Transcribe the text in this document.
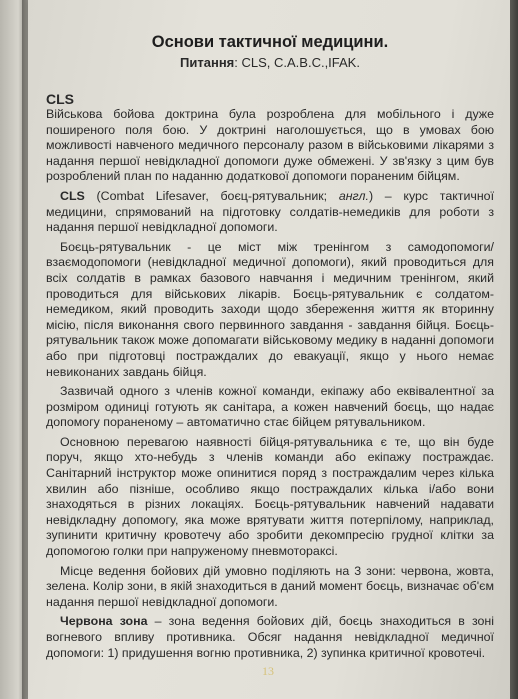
Основи тактичної медицини.
Питання: CLS, C.A.B.C.,IFAK.
CLS

Військова бойова доктрина була розроблена для мобільного і дуже поширеного поля бою. У доктрині наголошується, що в умовах бою можливості навченого медичного персоналу разом в військовими лікарями з надання першої невідкладної допомоги дуже обмежені. У зв'язку з цим був розроблений план по наданню додаткової допомоги пораненим бійцям.

CLS (Combat Lifesaver, боєц-рятувальник; англ.) – курс тактичної медицини, спрямований на підготовку солдатів-немедиків для роботи з надання першої невідкладної допомоги.

Боєць-рятувальник - це міст між тренінгом з самодопомоги/ взаємодопомоги (невідкладної медичної допомоги), який проводиться для всіх солдатів в рамках базового навчання і медичним тренінгом, який проводиться для військових лікарів. Боєць-рятувальник є солдатом-немедиком, який проводить заходи щодо збереження життя як вторинну місію, після виконання свого первинного завдання - завдання бійця. Боєць-рятувальник також може допомагати військовому медику в наданні допомоги або при підготовці постраждалих до евакуації, якщо у нього немає невиконаних завдань бійця.

Зазвичай одного з членів кожної команди, екіпажу або еквівалентної за розміром одиниці готують як санітара, а кожен навчений боєць, що надає допомогу пораненому – автоматично стає бійцем рятувальником.

Основною перевагою наявності бійця-рятувальника є те, що він буде поруч, якщо хто-небудь з членів команди або екіпажу постраждає. Санітарний інструктор може опинитися поряд з постраждалим через кілька хвилин або пізніше, особливо якщо постраждалих кілька і/або вони знаходяться в різних локаціях. Боєць-рятувальник навчений надавати невідкладну допомогу, яка може врятувати життя потерпілому, наприклад, зупинити критичну кровотечу або зробити декомпресію грудної клітки за допомогою голки при напруженому пневмотораксі.

Місце ведення бойових дій умовно поділяють на 3 зони: червона, жовта, зелена. Колір зони, в якій знаходиться в даний момент боєць, визначає об'єм надання першої невідкладної допомоги.

Червона зона – зона ведення бойових дій, боєць знаходиться в зоні вогневого впливу противника. Обсяг надання невідкладної медичної допомоги: 1) придушення вогню противника, 2) зупинка критичної кровотечі.

13
